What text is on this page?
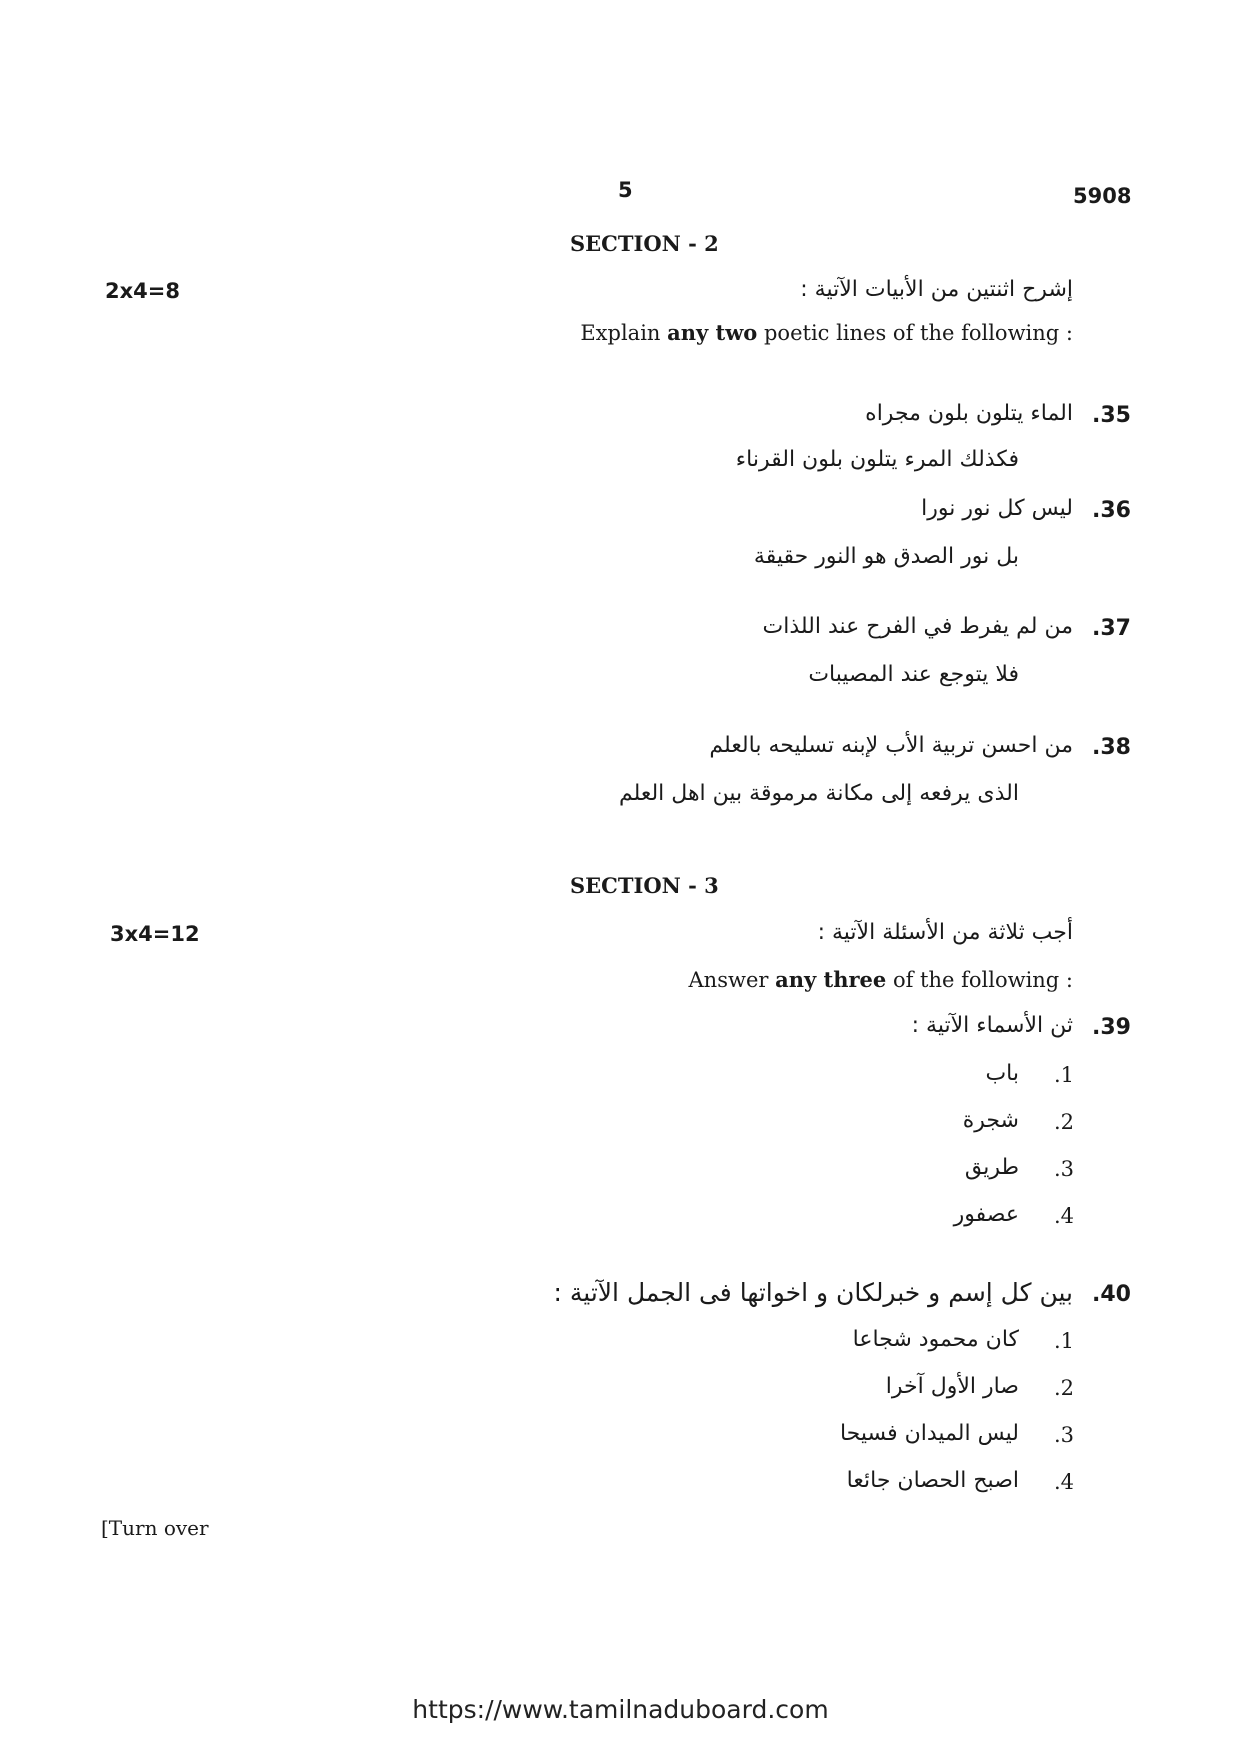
5	5908
SECTION - 2
2x4=8	إشرح اثنتين من الأبيات الآتية :
Explain any two poetic lines of the following :
.35
الماء يتلون بلون مجراه
فكذلك المرء يتلون بلون القرناء
.36
ليس كل نور نورا
بل نور الصدق هو النور حقيقة
.37
من لم يفرط في الفرح عند اللذات
فلا يتوجع عند المصيبات
.38
من احسن تربية الأب لإبنه تسليحه بالعلم
الذى يرفعه إلى مكانة مرموقة بين اهل العلم
SECTION - 3
3x4=12	أجب ثلاثة من الأسئلة الآتية :
Answer any three of the following :
.39
ثن الأسماء الآتية :
.1
باب
.2
شجرة
.3
طريق
.4
عصفور
.40
بين كل إسم و خبرلكان و اخواتها فى الجمل الآتية :
.1
كان محمود شجاعا
.2
صار الأول آخرا
.3
ليس الميدان فسيحا
.4
اصبح الحصان جائعا
[Turn over
https://www.tamilnaduboard.com
